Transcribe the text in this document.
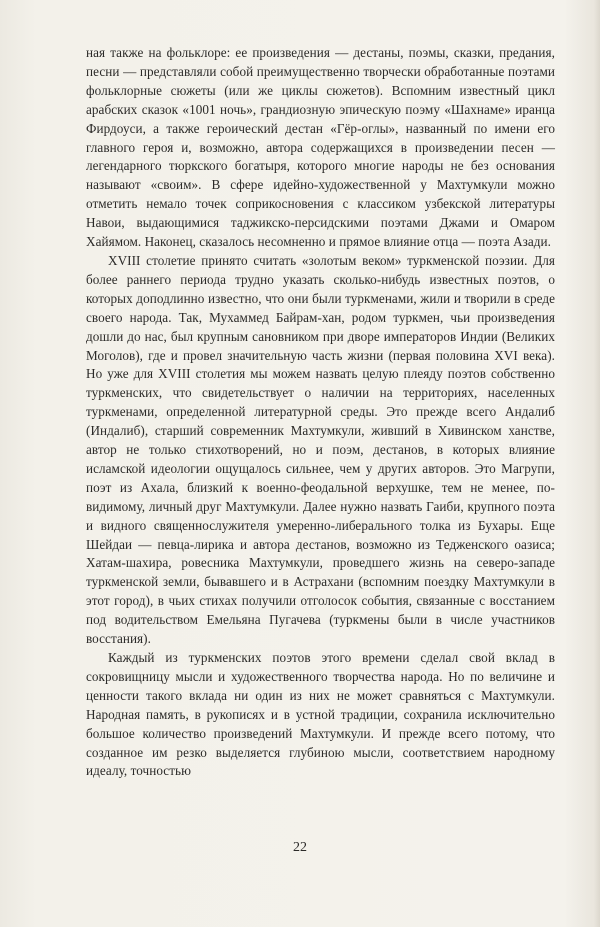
ная также на фольклоре: ее произведения — дестаны, поэмы, сказки, предания, песни — представляли собой преимущественно творчески обработанные поэтами фольклорные сюжеты (или же циклы сюжетов). Вспомним известный цикл арабских сказок «1001 ночь», грандиозную эпическую поэму «Шахнаме» иранца Фирдоуси, а также героический дестан «Гёр-оглы», названный по имени его главного героя и, возможно, автора содержащихся в произведении песен — легендарного тюркского богатыря, которого многие народы не без основания называют «своим». В сфере идейно-художественной у Махтумкули можно отметить немало точек соприкосновения с классиком узбекской литературы Навои, выдающимися таджикско-персидскими поэтами Джами и Омаром Хайямом. Наконец, сказалось несомненно и прямое влияние отца — поэта Азади.

XVIII столетие принято считать «золотым веком» туркменской поэзии. Для более раннего периода трудно указать сколько-нибудь известных поэтов, о которых доподлинно известно, что они были туркменами, жили и творили в среде своего народа. Так, Мухаммед Байрам-хан, родом туркмен, чьи произведения дошли до нас, был крупным сановником при дворе императоров Индии (Великих Моголов), где и провел значительную часть жизни (первая половина XVI века). Но уже для XVIII столетия мы можем назвать целую плеяду поэтов собственно туркменских, что свидетельствует о наличии на территориях, населенных туркменами, определенной литературной среды. Это прежде всего Андалиб (Индалиб), старший современник Махтумкули, живший в Хивинском ханстве, автор не только стихотворений, но и поэм, дестанов, в которых влияние исламской идеологии ощущалось сильнее, чем у других авторов. Это Магрупи, поэт из Ахала, близкий к военно-феодальной верхушке, тем не менее, по-видимому, личный друг Махтумкули. Далее нужно назвать Гаиби, крупного поэта и видного священнослужителя умеренно-либерального толка из Бухары. Еще Шейдаи — певца-лирика и автора дестанов, возможно из Тедженского оазиса; Хатам-шахира, ровесника Махтумкули, проведшего жизнь на северо-западе туркменской земли, бывавшего и в Астрахани (вспомним поездку Махтумкули в этот город), в чьих стихах получили отголосок события, связанные с восстанием под водительством Емельяна Пугачева (туркмены были в числе участников восстания).

Каждый из туркменских поэтов этого времени сделал свой вклад в сокровищницу мысли и художественного творчества народа. Но по величине и ценности такого вклада ни один из них не может сравняться с Махтумкули. Народная память, в рукописях и в устной традиции, сохранила исключительно большое количество произведений Махтумкули. И прежде всего потому, что созданное им резко выделяется глубиною мысли, соответствием народному идеалу, точностью

22
